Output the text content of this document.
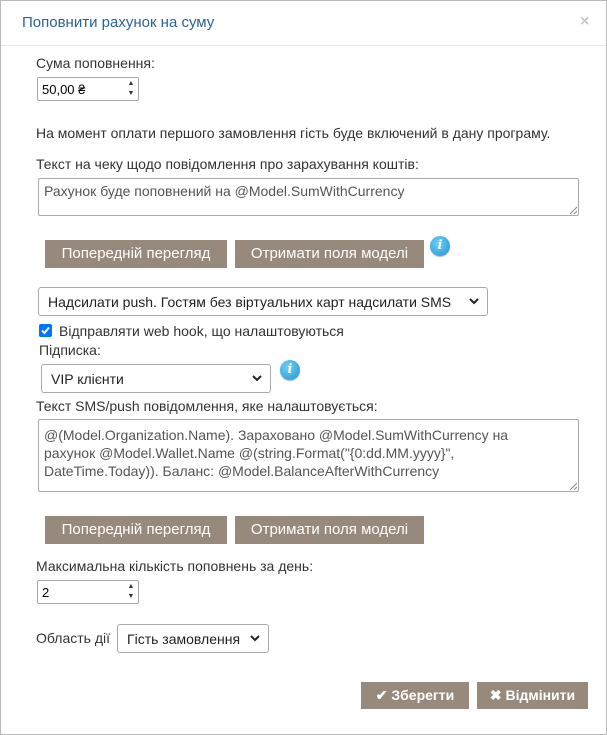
Поповнити рахунок на суму	×
Сума поповнення:
50,00 ₴	▲
▼
На момент оплати першого замовлення гість буде включений в дану програму.
Текст на чеку щодо повідомлення про зарахування коштів:
Рахунок буде поповнений на @Model.SumWithCurrency
Попередній перегляд	Отримати поля моделі	i
Надсилати push. Гостям без віртуальних карт надсилати SMS
Відправляти web hook, що налаштовуються
Підписка:
VIP клієнти
i
Текст SMS/push повідомлення, яке налаштовується:
@(Model.Organization.Name). Зараховано @Model.SumWithCurrency на
рахунок @Model.Wallet.Name @(string.Format("{0:dd.MM.yyyy}",
DateTime.Today)). Баланс: @Model.BalanceAfterWithCurrency
Попередній перегляд	Отримати поля моделі
Максимальна кількість поповнень за день:
2	▲
▼
Область дії Гість замовлення
✔ Зберегти	✖ Відмінити
